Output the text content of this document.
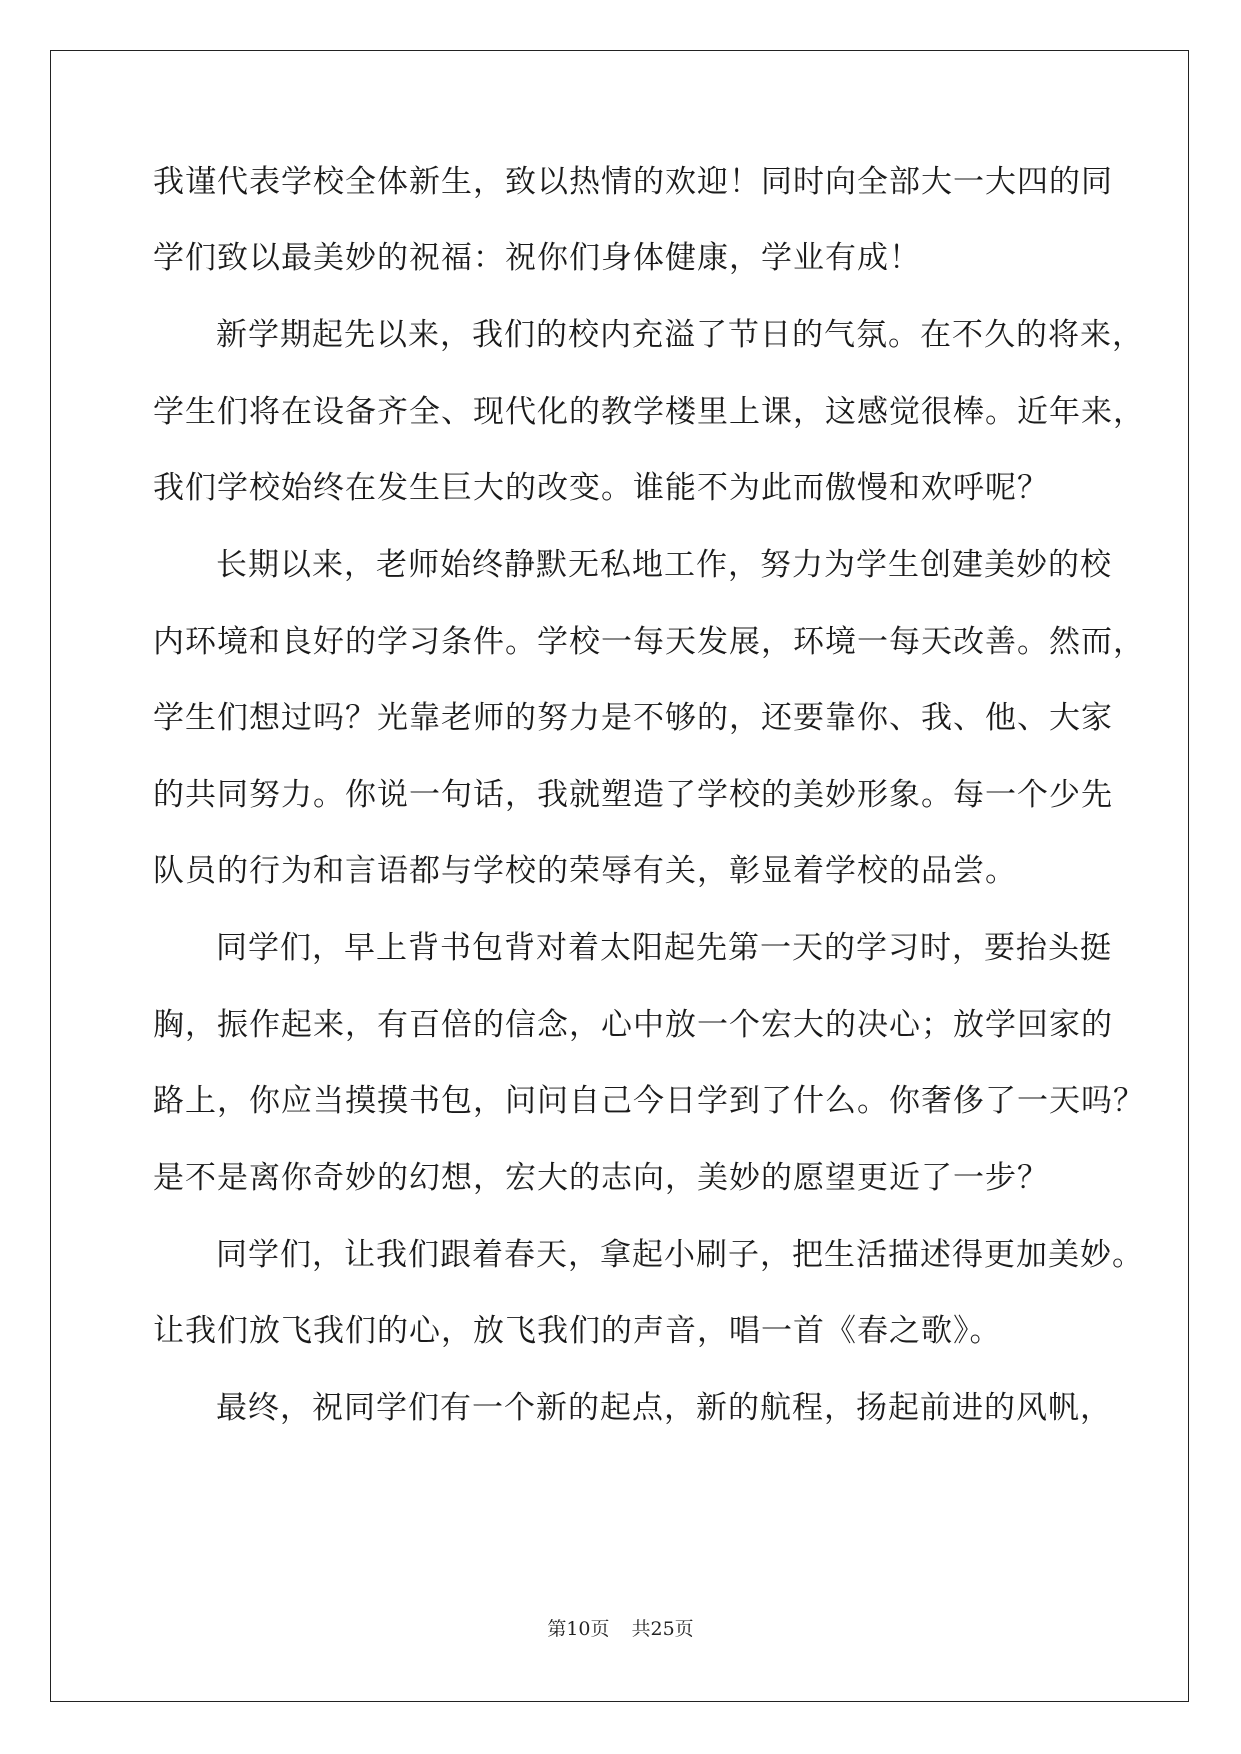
我谨代表学校全体新生，致以热情的欢迎！同时向全部大一大四的同
学们致以最美妙的祝福：祝你们身体健康，学业有成！
新学期起先以来，我们的校内充溢了节日的气氛。在不久的将来，
学生们将在设备齐全、现代化的教学楼里上课，这感觉很棒。近年来，
我们学校始终在发生巨大的改变。谁能不为此而傲慢和欢呼呢？
长期以来，老师始终静默无私地工作，努力为学生创建美妙的校
内环境和良好的学习条件。学校一每天发展，环境一每天改善。然而，
学生们想过吗？光靠老师的努力是不够的，还要靠你、我、他、大家
的共同努力。你说一句话，我就塑造了学校的美妙形象。每一个少先
队员的行为和言语都与学校的荣辱有关，彰显着学校的品尝。
同学们，早上背书包背对着太阳起先第一天的学习时，要抬头挺
胸，振作起来，有百倍的信念，心中放一个宏大的决心；放学回家的
路上，你应当摸摸书包，问问自己今日学到了什么。你奢侈了一天吗？
是不是离你奇妙的幻想，宏大的志向，美妙的愿望更近了一步？
同学们，让我们跟着春天，拿起小刷子，把生活描述得更加美妙。
让我们放飞我们的心，放飞我们的声音，唱一首《春之歌》。
最终，祝同学们有一个新的起点，新的航程，扬起前进的风帆，
第10页 共25页
